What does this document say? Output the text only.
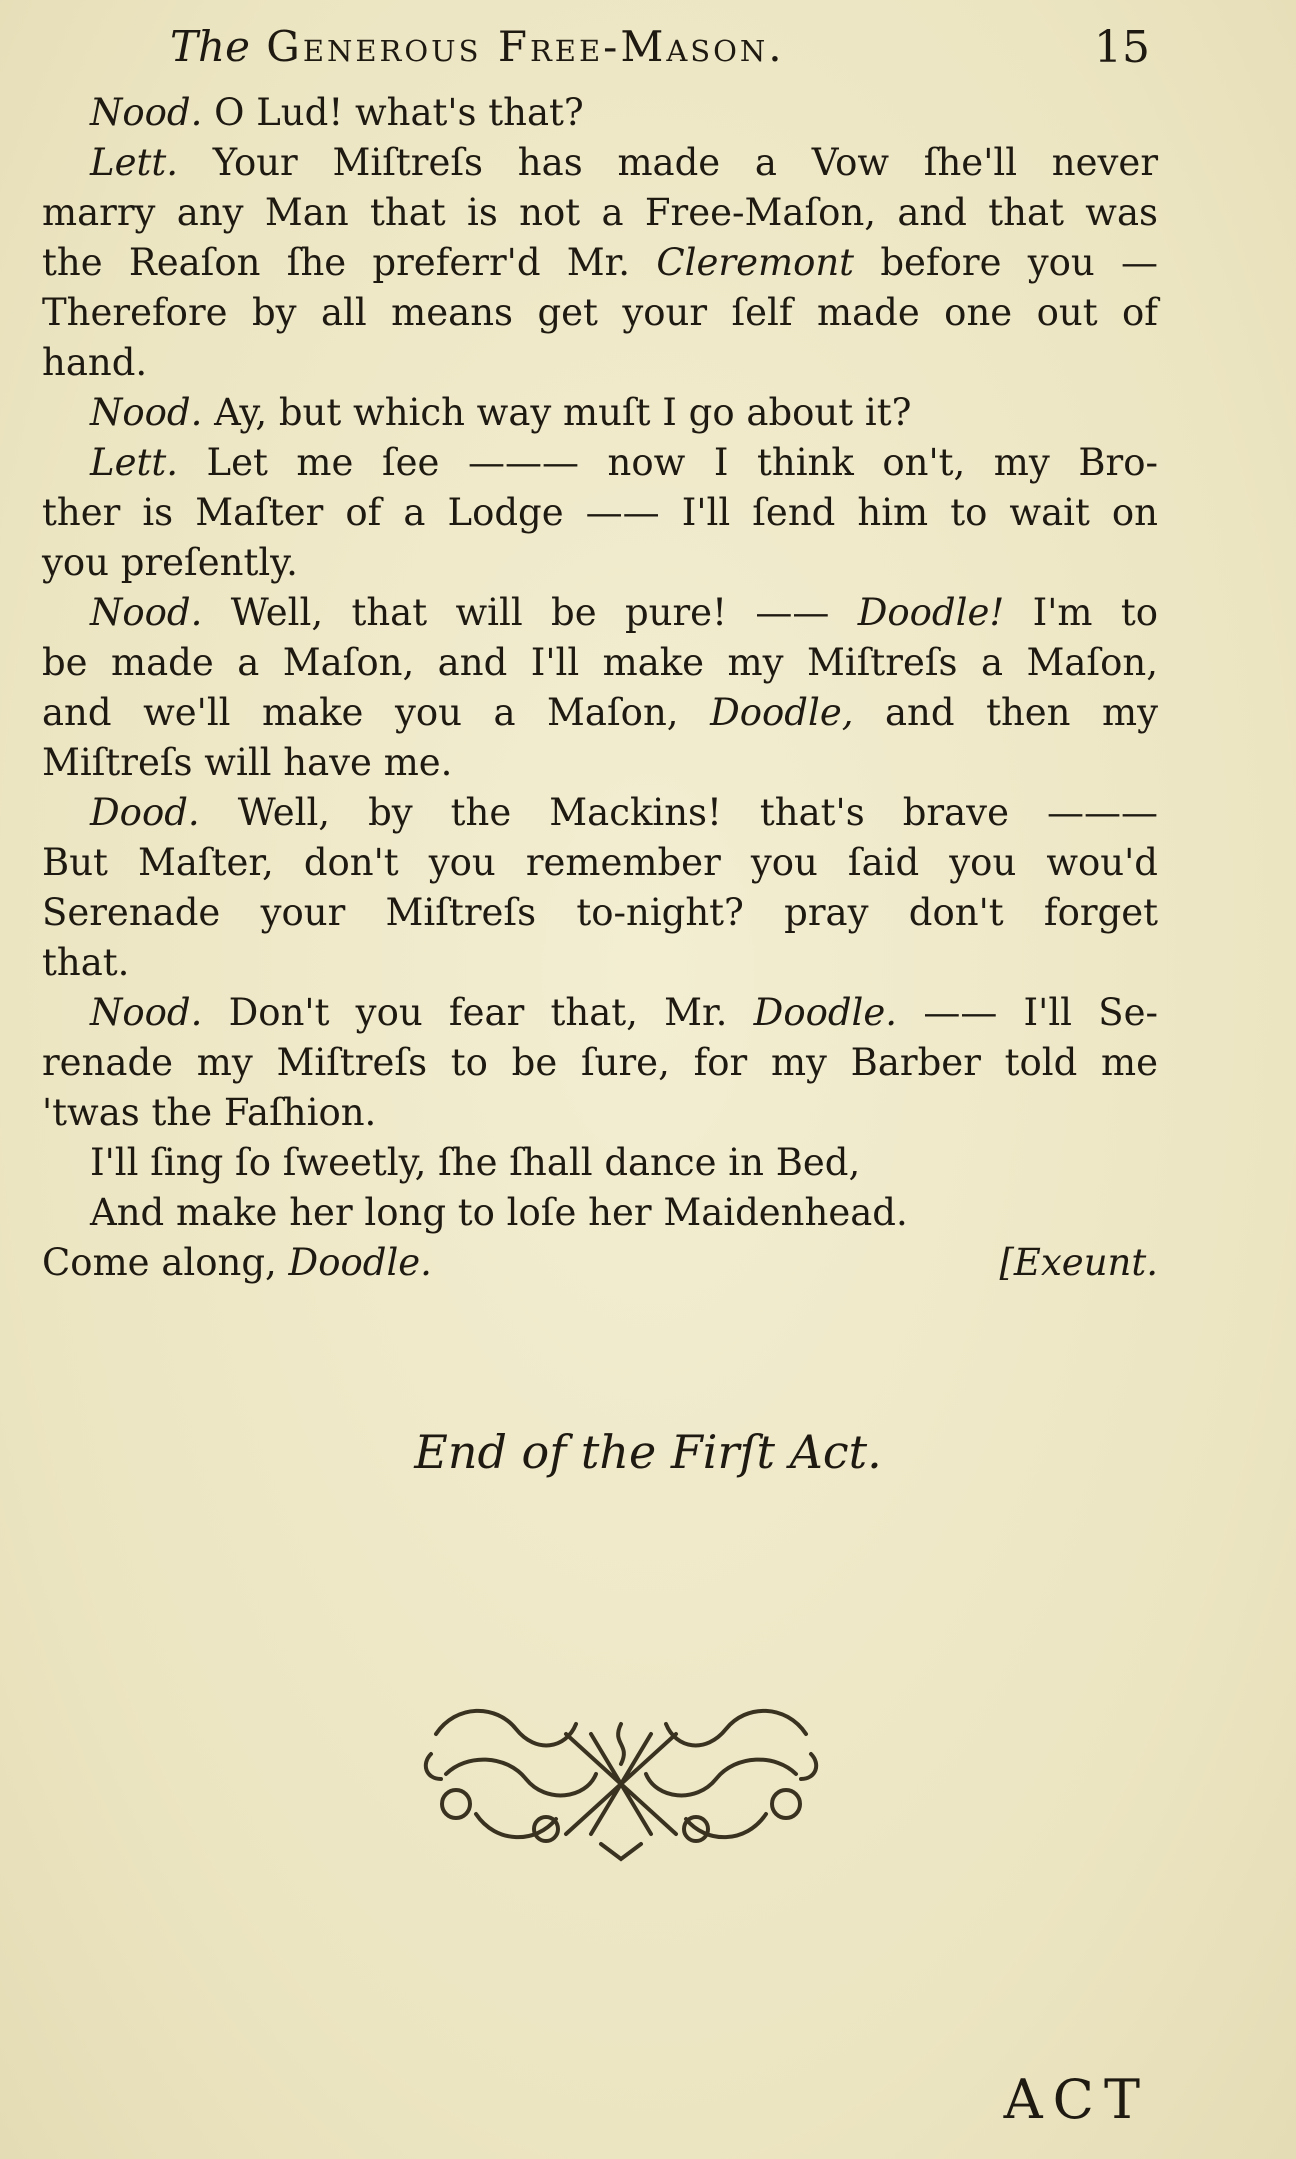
The Generous Free-Mason.	15
Nood. O Lud! what's that?
Lett. Your Miſtreſs has made a Vow ſhe'll never
marry any Man that is not a Free-Maſon, and that was
the Reaſon ſhe preferr'd Mr. Cleremont before you —
Therefore by all means get your ſelf made one out of
hand.
Nood. Ay, but which way muſt I go about it?
Lett. Let me ſee ——— now I think on't, my Bro-
ther is Maſter of a Lodge —— I'll ſend him to wait on
you preſently.
Nood. Well, that will be pure! —— Doodle! I'm to
be made a Maſon, and I'll make my Miſtreſs a Maſon,
and we'll make you a Maſon, Doodle, and then my
Miſtreſs will have me.
Dood. Well, by the Mackins! that's brave ———
But Maſter, don't you remember you ſaid you wou'd
Serenade your Miſtreſs to-night? pray don't forget
that.
Nood. Don't you fear that, Mr. Doodle. —— I'll Se-
renade my Miſtreſs to be ſure, for my Barber told me
'twas the Faſhion.
I'll ſing ſo ſweetly, ſhe ſhall dance in Bed,
And make her long to loſe her Maidenhead.
Come along, Doodle.	[Exeunt.
End of the Firſt Act.
ACT
